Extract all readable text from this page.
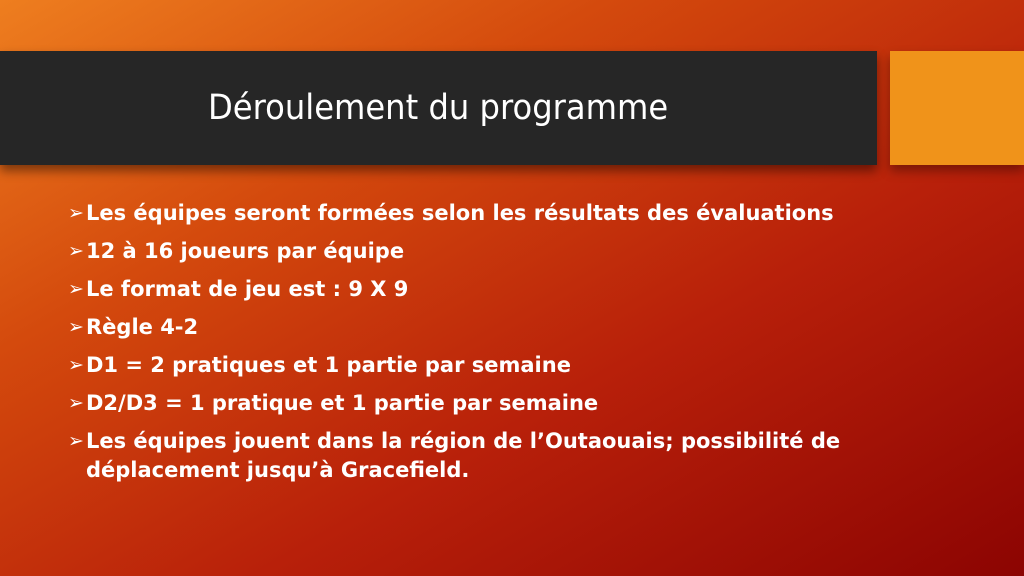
Déroulement du programme
➢ Les équipes seront formées selon les résultats des évaluations
➢ 12 à 16 joueurs par équipe
➢ Le format de jeu est : 9 X 9
➢ Règle 4-2
➢ D1 = 2 pratiques et 1 partie par semaine
➢ D2/D3 = 1 pratique et 1 partie par semaine
➢ Les équipes jouent dans la région de l’Outaouais; possibilité de déplacement jusqu’à Gracefield.
